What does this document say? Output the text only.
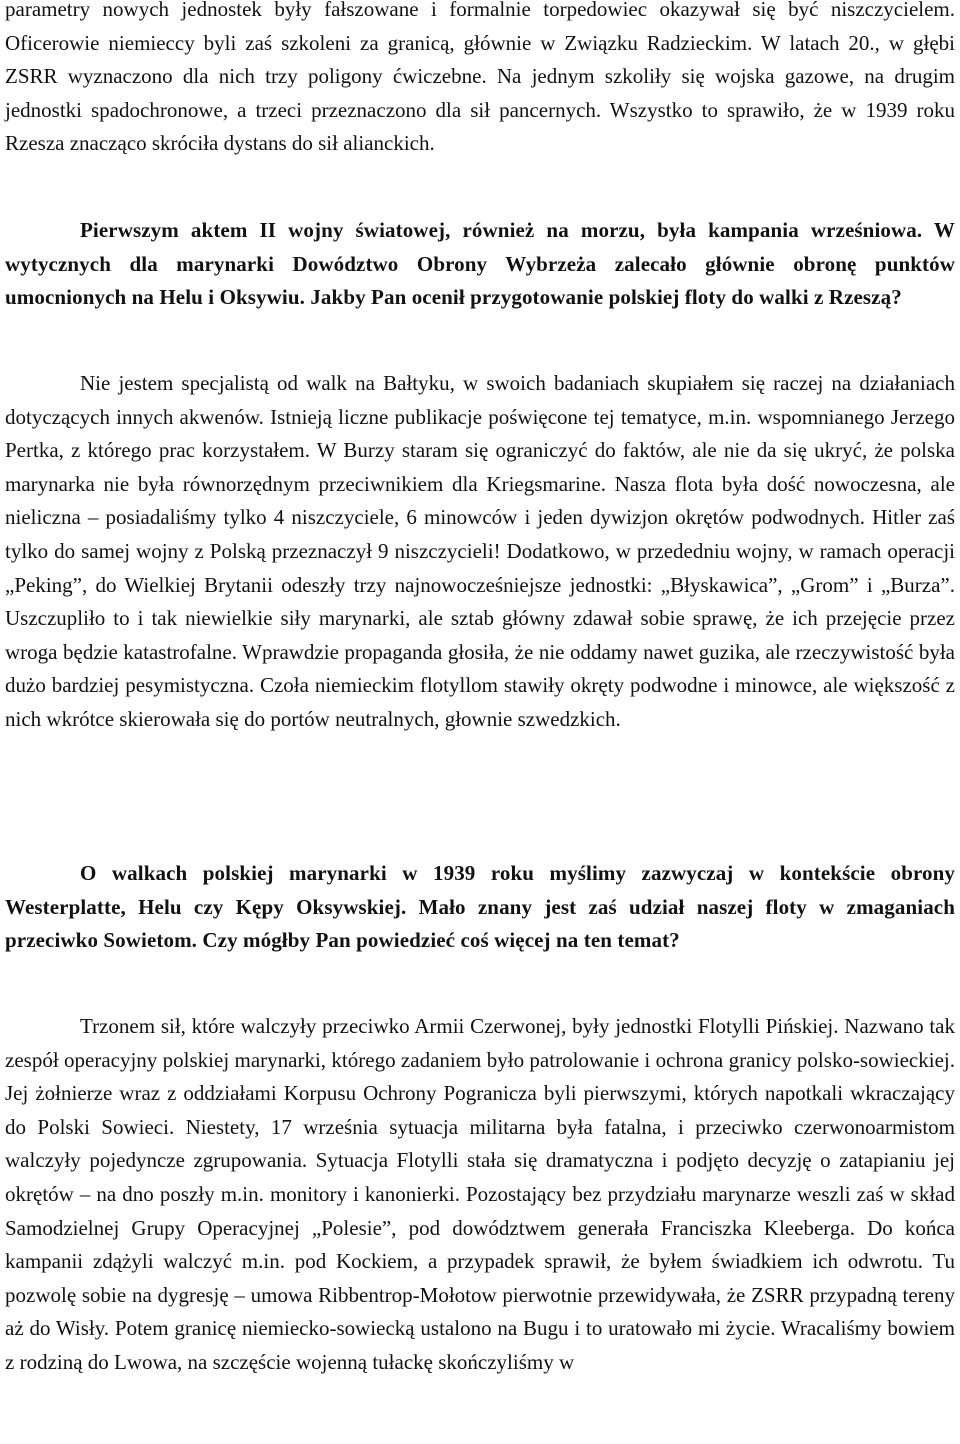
parametry nowych jednostek były fałszowane i formalnie torpedowiec okazywał się być niszczycielem. Oficerowie niemieccy byli zaś szkoleni za granicą, głównie w Związku Radzieckim. W latach 20., w głębi ZSRR wyznaczono dla nich trzy poligony ćwiczebne. Na jednym szkoliły się wojska gazowe, na drugim jednostki spadochronowe, a trzeci przeznaczono dla sił pancernych. Wszystko to sprawiło, że w 1939 roku Rzesza znacząco skróciła dystans do sił alianckich.

Pierwszym aktem II wojny światowej, również na morzu, była kampania wrześniowa. W wytycznych dla marynarki Dowództwo Obrony Wybrzeża zalecało głównie obronę punktów umocnionych na Helu i Oksywiu. Jakby Pan ocenił przygotowanie polskiej floty do walki z Rzeszą?

Nie jestem specjalistą od walk na Bałtyku, w swoich badaniach skupiałem się raczej na działaniach dotyczących innych akwenów. Istnieją liczne publikacje poświęcone tej tematyce, m.in. wspomnianego Jerzego Pertka, z którego prac korzystałem. W Burzy staram się ograniczyć do faktów, ale nie da się ukryć, że polska marynarka nie była równorzędnym przeciwnikiem dla Kriegsmarine. Nasza flota była dość nowoczesna, ale nieliczna – posiadaliśmy tylko 4 niszczyciele, 6 minowców i jeden dywizjon okrętów podwodnych. Hitler zaś tylko do samej wojny z Polską przeznaczył 9 niszczycieli! Dodatkowo, w przededniu wojny, w ramach operacji „Peking”, do Wielkiej Brytanii odeszły trzy najnowocześniejsze jednostki: „Błyskawica”, „Grom” i „Burza”. Uszczupliło to i tak niewielkie siły marynarki, ale sztab główny zdawał sobie sprawę, że ich przejęcie przez wroga będzie katastrofalne. Wprawdzie propaganda głosiła, że nie oddamy nawet guzika, ale rzeczywistość była dużo bardziej pesymistyczna. Czoła niemieckim flotyllom stawiły okręty podwodne i minowce, ale większość z nich wkrótce skierowała się do portów neutralnych, głownie szwedzkich.

O walkach polskiej marynarki w 1939 roku myślimy zazwyczaj w kontekście obrony Westerplatte, Helu czy Kępy Oksywskiej. Mało znany jest zaś udział naszej floty w zmaganiach przeciwko Sowietom. Czy mógłby Pan powiedzieć coś więcej na ten temat?

Trzonem sił, które walczyły przeciwko Armii Czerwonej, były jednostki Flotylli Pińskiej. Nazwano tak zespół operacyjny polskiej marynarki, którego zadaniem było patrolowanie i ochrona granicy polsko-sowieckiej. Jej żołnierze wraz z oddziałami Korpusu Ochrony Pogranicza byli pierwszymi, których napotkali wkraczający do Polski Sowieci. Niestety, 17 września sytuacja militarna była fatalna, i przeciwko czerwonoarmistom walczyły pojedyncze zgrupowania. Sytuacja Flotylli stała się dramatyczna i podjęto decyzję o zatapianiu jej okrętów – na dno poszły m.in. monitory i kanonierki. Pozostający bez przydziału marynarze weszli zaś w skład Samodzielnej Grupy Operacyjnej „Polesie”, pod dowództwem generała Franciszka Kleeberga. Do końca kampanii zdążyli walczyć m.in. pod Kockiem, a przypadek sprawił, że byłem świadkiem ich odwrotu. Tu pozwolę sobie na dygresję – umowa Ribbentrop-Mołotow pierwotnie przewidywała, że ZSRR przypadną tereny aż do Wisły. Potem granicę niemiecko-sowiecką ustalono na Bugu i to uratowało mi życie. Wracaliśmy bowiem z rodziną do Lwowa, na szczęście wojenną tułackę skończyliśmy w
